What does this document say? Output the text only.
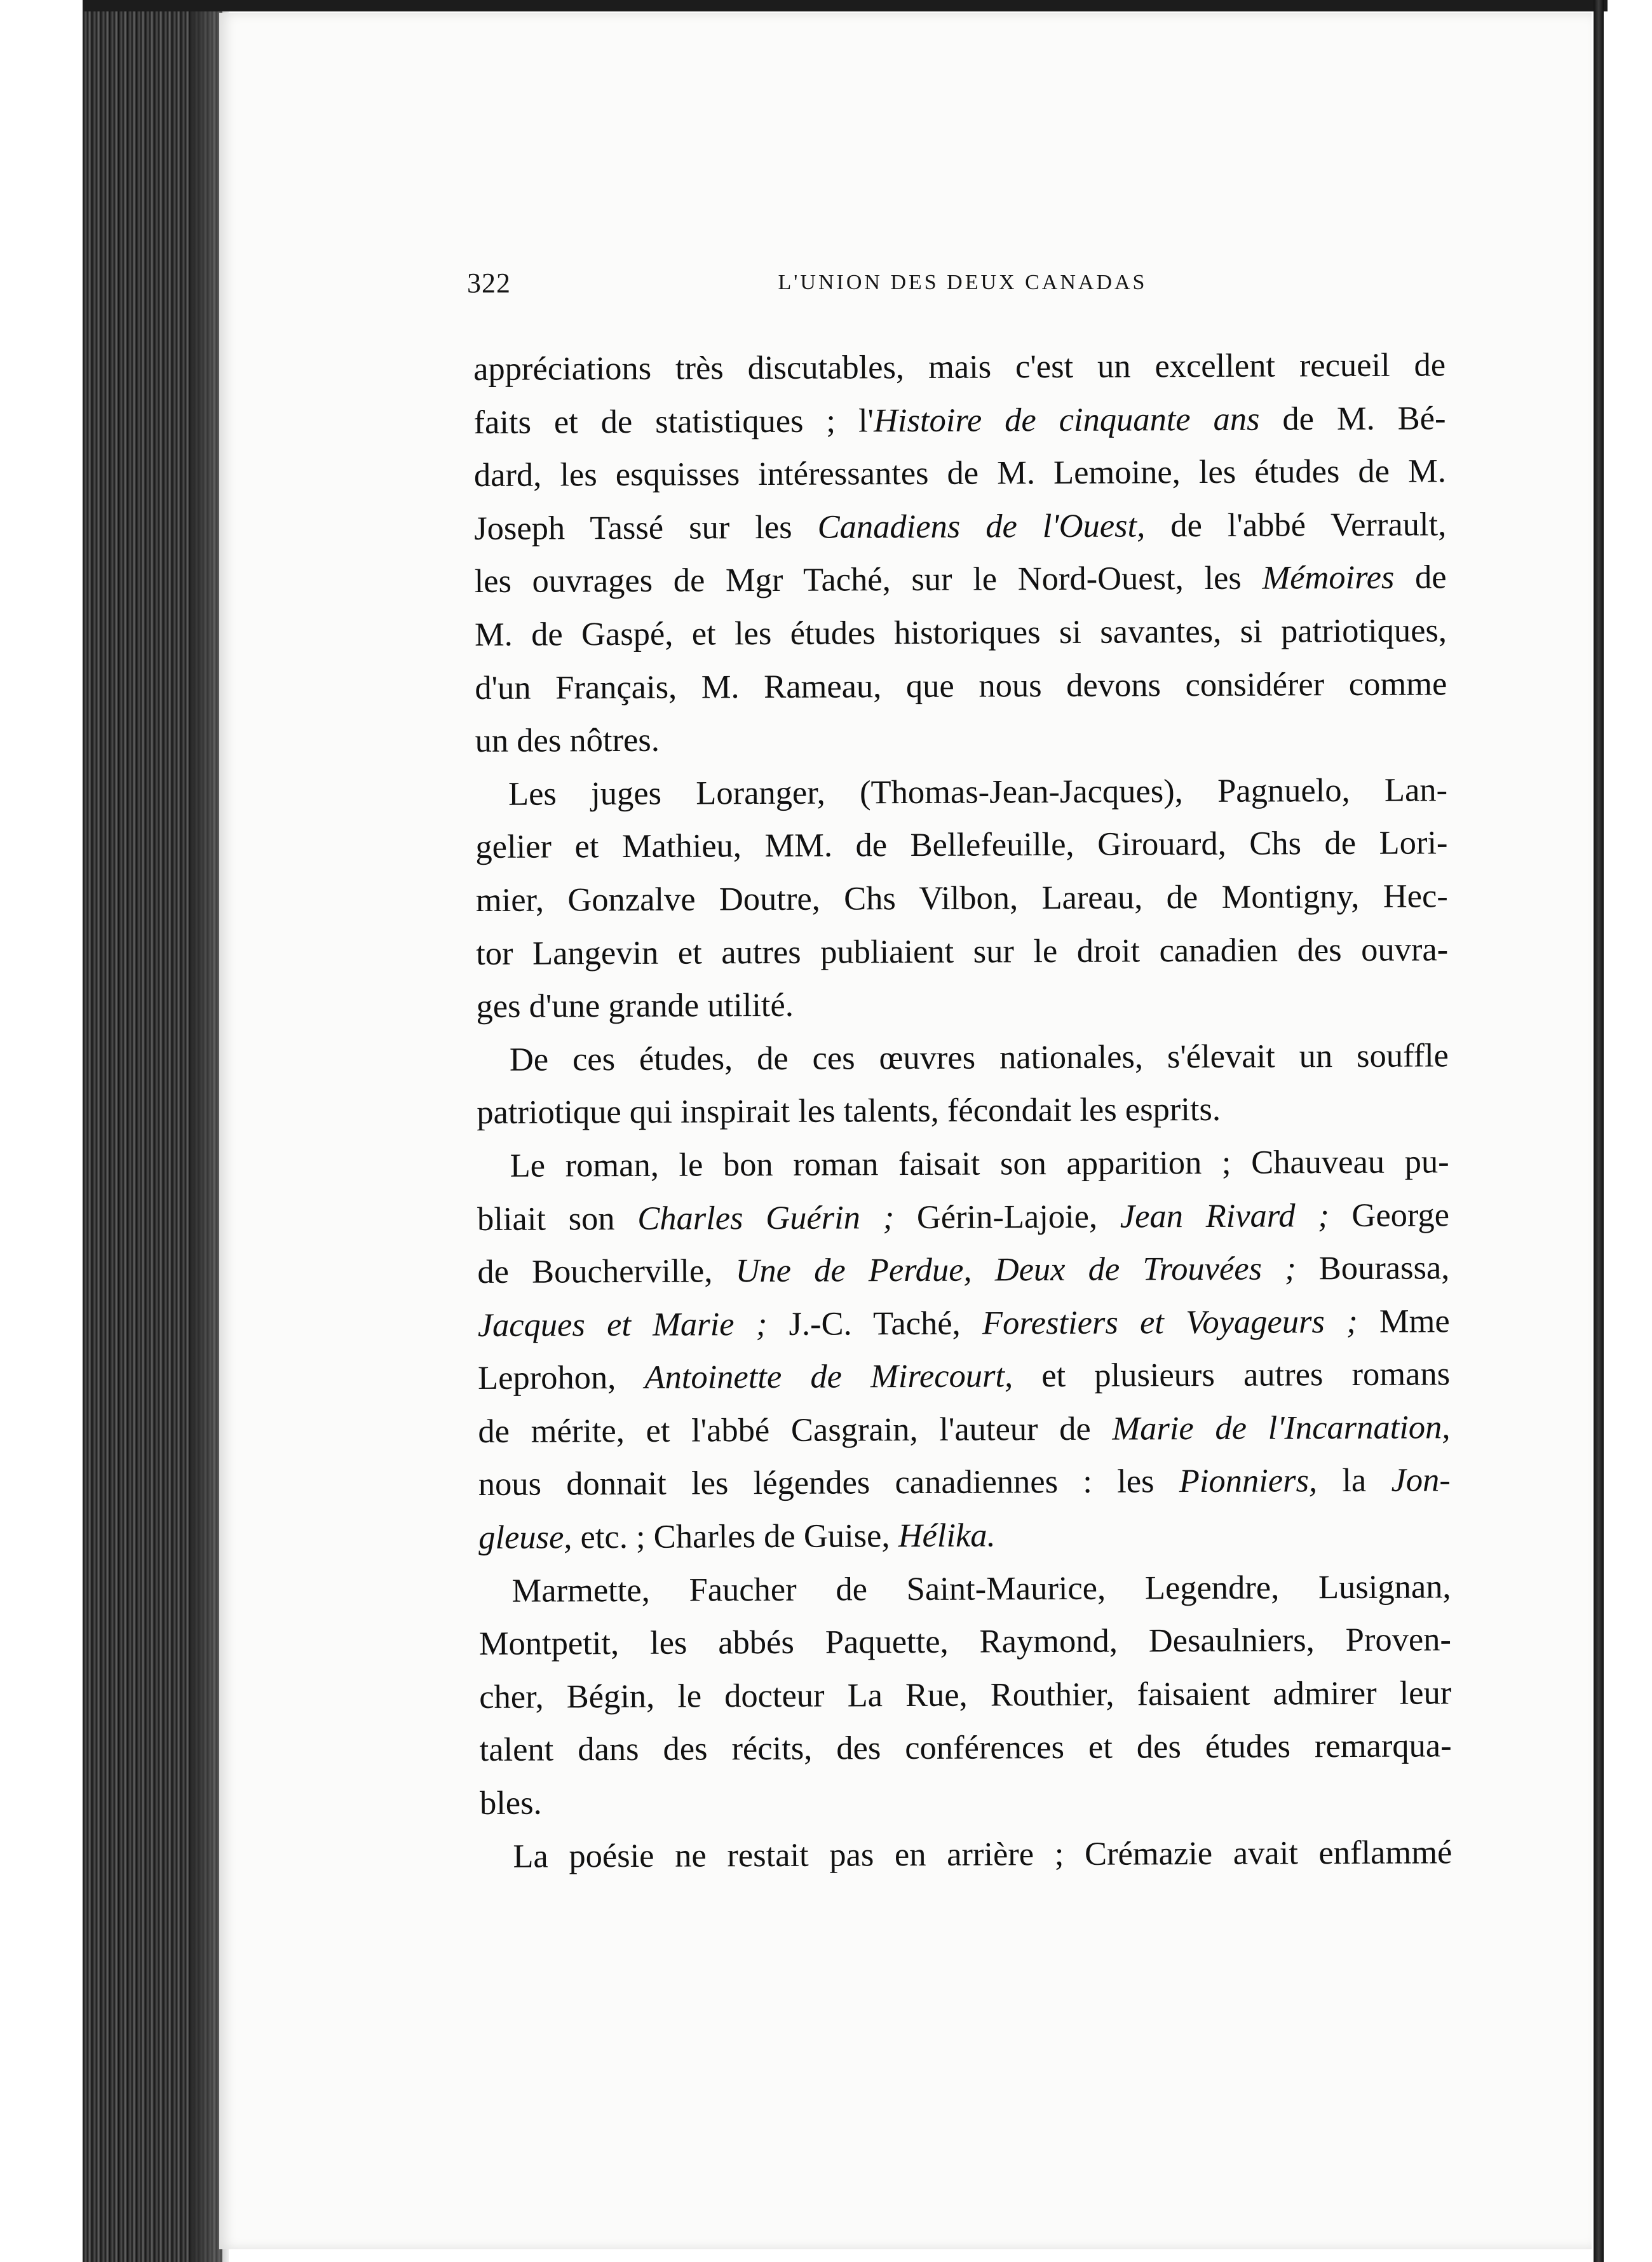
322	L'UNION DES DEUX CANADAS
appréciations très discutables, mais c'est un excellent recueil de
faits et de statistiques ; l'Histoire de cinquante ans de M. Bé-
dard, les esquisses intéressantes de M. Lemoine, les études de M.
Joseph Tassé sur les Canadiens de l'Ouest, de l'abbé Verrault,
les ouvrages de Mgr Taché, sur le Nord-Ouest, les Mémoires de
M. de Gaspé, et les études historiques si savantes, si patriotiques,
d'un Français, M. Rameau, que nous devons considérer comme
un des nôtres.
Les juges Loranger, (Thomas-Jean-Jacques), Pagnuelo, Lan-
gelier et Mathieu, MM. de Bellefeuille, Girouard, Chs de Lori-
mier, Gonzalve Doutre, Chs Vilbon, Lareau, de Montigny, Hec-
tor Langevin et autres publiaient sur le droit canadien des ouvra-
ges d'une grande utilité.
De ces études, de ces œuvres nationales, s'élevait un souffle
patriotique qui inspirait les talents, fécondait les esprits.
Le roman, le bon roman faisait son apparition ; Chauveau pu-
bliait son Charles Guérin ; Gérin-Lajoie, Jean Rivard ; George
de Boucherville, Une de Perdue, Deux de Trouvées ; Bourassa,
Jacques et Marie ; J.-C. Taché, Forestiers et Voyageurs ; Mme
Leprohon, Antoinette de Mirecourt, et plusieurs autres romans
de mérite, et l'abbé Casgrain, l'auteur de Marie de l'Incarnation,
nous donnait les légendes canadiennes : les Pionniers, la Jon-
gleuse, etc. ; Charles de Guise, Hélika.
Marmette, Faucher de Saint-Maurice, Legendre, Lusignan,
Montpetit, les abbés Paquette, Raymond, Desaulniers, Proven-
cher, Bégin, le docteur La Rue, Routhier, faisaient admirer leur
talent dans des récits, des conférences et des études remarqua-
bles.
La poésie ne restait pas en arrière ; Crémazie avait enflammé
